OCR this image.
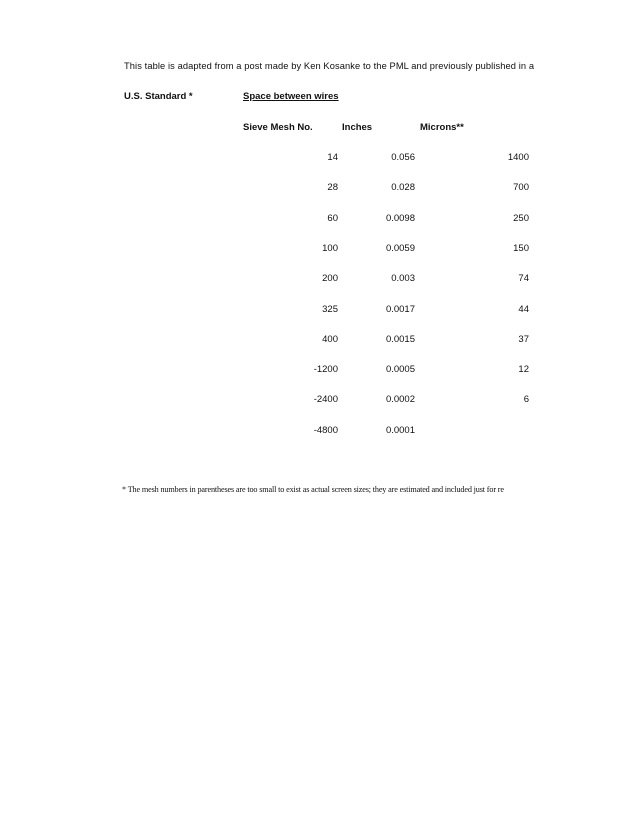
This table is adapted from a post made by Ken Kosanke to the PML and previously published in a
U.S. Standard *	Space between wires
Sieve Mesh No.	Inches	Microns**
14	0.056	1400
28	0.028	700
60	0.0098	250
100	0.0059	150
200	0.003	74
325	0.0017	44
400	0.0015	37
-1200	0.0005	12
-2400	0.0002	6
-4800	0.0001
* The mesh numbers in parentheses are too small to exist as actual screen sizes; they are estimated and included just for re
